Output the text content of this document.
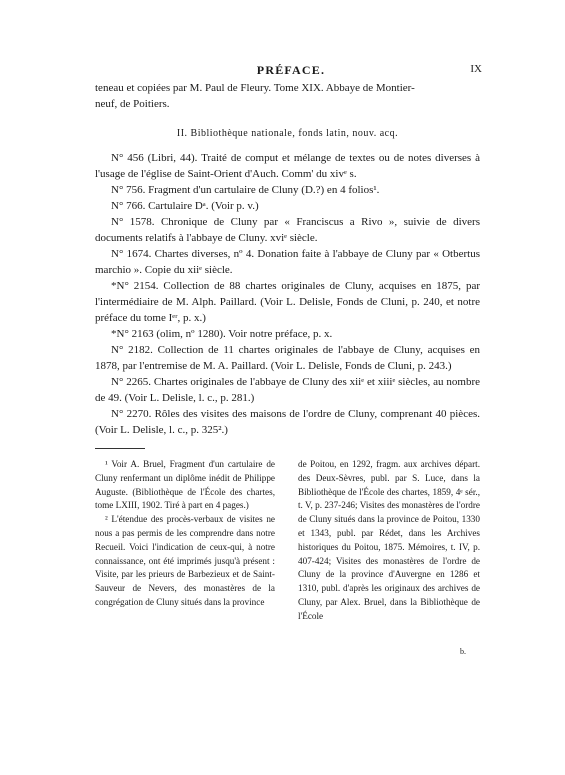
PRÉFACE.	IX

teneau et copiées par M. Paul de Fleury. Tome XIX. Abbaye de Montier-

neuf, de Poitiers.

II. Bibliothèque nationale, fonds latin, nouv. acq.

N° 456 (Libri, 44). Traité de comput et mélange de textes ou de notes diverses à l'usage de l'église de Saint-Orient d'Auch. Comm' du xivᵉ s.

N° 756. Fragment d'un cartulaire de Cluny (D.?) en 4 folios¹.

N° 766. Cartulaire Dᵃ. (Voir p. v.)

N° 1578. Chronique de Cluny par « Franciscus a Rivo », suivie de divers documents relatifs à l'abbaye de Cluny. xviᵉ siècle.

N° 1674. Chartes diverses, nº 4. Donation faite à l'abbaye de Cluny par « Otbertus marchio ». Copie du xiiᵉ siècle.

*N° 2154. Collection de 88 chartes originales de Cluny, acquises en 1875, par l'intermédiaire de M. Alph. Paillard. (Voir L. Delisle, Fonds de Cluni, p. 240, et notre préface du tome Iᵉʳ, p. x.)

*N° 2163 (olim, nº 1280). Voir notre préface, p. x.

N° 2182. Collection de 11 chartes originales de l'abbaye de Cluny, acquises en 1878, par l'entremise de M. A. Paillard. (Voir L. Delisle, Fonds de Cluni, p. 243.)

N° 2265. Chartes originales de l'abbaye de Cluny des xiiᵉ et xiiiᵉ siècles, au nombre de 49. (Voir L. Delisle, l. c., p. 281.)

N° 2270. Rôles des visites des maisons de l'ordre de Cluny, comprenant 40 pièces. (Voir L. Delisle, l. c., p. 325².)

¹ Voir A. Bruel, Fragment d'un cartulaire de Cluny renfermant un diplôme inédit de Philippe Auguste. (Bibliothèque de l'École des chartes, tome LXIII, 1902. Tiré à part en 4 pages.)

² L'étendue des procès-verbaux de visites ne nous a pas permis de les comprendre dans notre Recueil. Voici l'indication de ceux-qui, à notre connaissance, ont été imprimés jusqu'à présent : Visite, par les prieurs de Barbezieux et de Saint-Sauveur de Nevers, des monastères de la congrégation de Cluny situés dans la province

de Poitou, en 1292, fragm. aux archives départ. des Deux-Sèvres, publ. par S. Luce, dans la Bibliothèque de l'École des chartes, 1859, 4ᵉ sér., t. V, p. 237-246; Visites des monastères de l'ordre de Cluny situés dans la province de Poitou, 1330 et 1343, publ. par Rédet, dans les Archives historiques du Poitou, 1875. Mémoires, t. IV, p. 407-424; Visites des monastères de l'ordre de Cluny de la province d'Auvergne en 1286 et 1310, publ. d'après les originaux des archives de Cluny, par Alex. Bruel, dans la Bibliothèque de l'École

b.
